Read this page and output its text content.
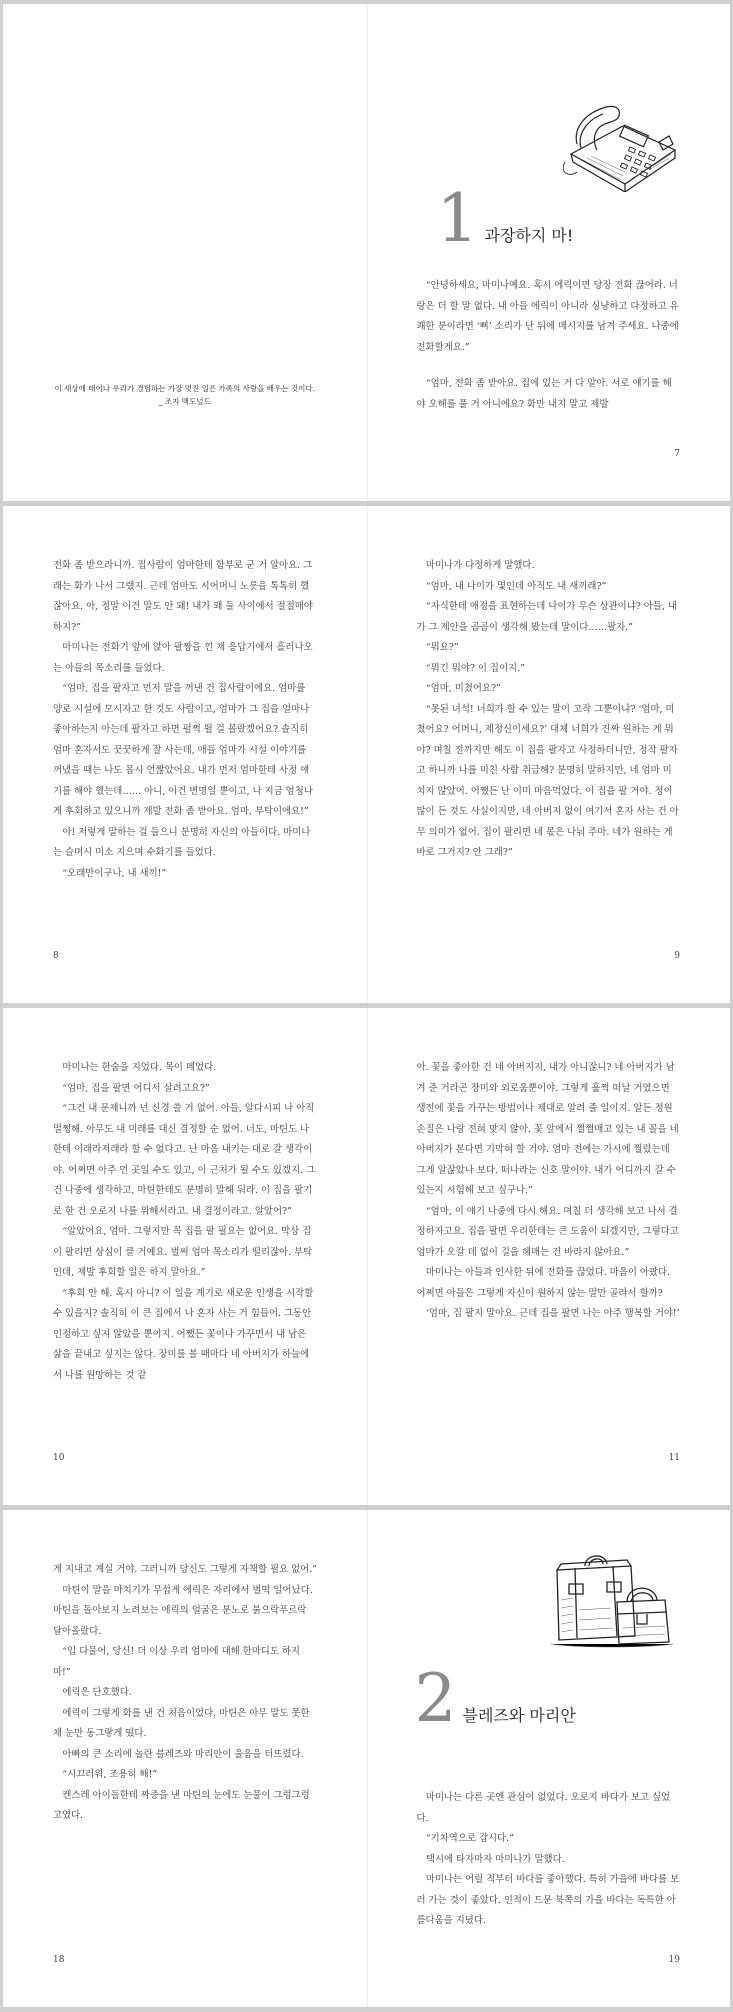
이 세상에 태어나 우리가 경험하는 가장 멋진 일은 가족의 사랑을 배우는 것이다.
_ 조지 맥도널드
1 과장하지 마!

“안녕하세요, 마미나예요. 혹시 에릭이면 당장 전화 끊어라. 너랑은 더 할 말 없다. 내 아들 에릭이 아니라 싱냥하고 다정하고 유쾌한 분이라면 ‘삐’ 소리가 난 뒤에 메시지를 남겨 주세요. 나중에 전화할게요.”

“엄마, 전화 좀 받아요. 집에 있는 거 다 알아. 서로 얘기를 해야 오해를 풀 거 아니에요? 화만 내지 말고 제발

7

전화 좀 받으라니까. 집사람이 엄마한테 함부로 군 거 알아요. 그래는 화가 나서 그랬지. 근데 엄마도 시어머니 노릇을 톡톡히 했잖아요. 아, 정말 이건 말도 안 돼! 내가 왜 둘 사이에서 절절매야 하지?”

마미나는 전화기 앞에 앉아 팔짱을 낀 채 응답기에서 흘러나오는 아들의 목소리를 들었다.

“엄마, 집을 팔자고 먼저 말을 꺼낸 건 집사람이에요. 엄마를 양로 시설에 모시자고 한 것도 사람이고, 엄마가 그 집을 얼마나 좋아하는지 아는데 팔자고 하면 펄쩍 뛸 걸 몰랐겠어요? 솔직히 엄마 혼자서도 꿋꿋하게 잘 사는데, 애들 엄마가 시설 이야기를 꺼냈을 때는 나도 몹시 언짢았어요. 내가 먼저 엄마한테 사정 얘기를 해야 했는데…… 아니, 이건 변명일 뿐이고, 나 지금 엄청나게 후회하고 있으니까 제발 전화 좀 받아요. 엄마, 부탁이에요!”

아! 저렇게 말하는 걸 들으니 분명히 자신의 아들이다. 마미나는 슬며시 미소 지으며 수화기를 들었다.

“오래만이구나, 내 새끼!”

8

마미나가 다정하게 말했다.

“엄마, 내 나이가 몇인데 아직도 내 새끼래?”

“자식한테 애정을 표현하는데 나이가 무슨 상관이냐? 아들, 내가 그 제안을 곰곰이 생각해 봤는데 말이다……팔자.”

“뭐요?”

“뭐긴 뭐야? 이 집이지.”

“엄마, 미쳤어요?”

“못된 녀석! 너희가 할 수 있는 말이 고작 그뿐이냐? ‘엄마, 미쳤어요? 어머니, 제정신이세요?’ 대체 너희가 진짜 원하는 게 뭐야? 며칠 전까지만 해도 이 집을 팔자고 사정하더니만, 정작 팔자고 하니까 나를 미친 사람 취급해? 분명히 말하지만, 네 엄마 미치지 않았어. 어쨌든 난 이미 마음먹었다. 이 집을 팔 거야. 정이 많이 든 것도 사실이지만, 네 아버지 없이 여기서 혼자 사는 건 아무 의미가 없어. 집이 팔리면 네 몫은 나눠 주마. 네가 원하는 게 바로 그거지? 안 그래?”

9

마미나는 한숨을 지었다. 목이 메었다.

“엄마, 집을 팔면 어디서 살려고요?”

“그건 내 문제니까 넌 신경 쓸 거 없어. 아들, 알다시피 나 아직 멀쩡해. 아무도 내 미래를 대신 결정할 순 없어. 너도, 마틴도 나한테 이래라저래라 할 수 없다고. 난 마음 내키는 대로 갈 생각이야. 어쩌면 아주 먼 곳일 수도 있고, 이 근처가 될 수도 있겠지. 그건 나중에 생각하고, 마틴한테도 분명히 말해 둬라. 이 집을 팔기로 한 건 오로지 나를 위해서라고. 내 결정이라고. 알았어?”

“알았어요, 엄마. 그렇지만 꼭 집을 팔 필요는 없어요. 막상 집이 팔리면 상심이 클 거예요. 벌써 엄마 목소리가 떨리잖아. 부탁인데, 제발 후회할 일은 하지 말아요.”

“후회 안 해. 혹시 아니? 이 일을 계기로 새로운 인생을 시작할 수 있을지? 솔직히 이 큰 집에서 나 혼자 사는 거 힘들어. 그동안 인정하고 싶지 않았을 뿐이지. 어쨌든 꽃이나 가꾸면서 내 남은 삶을 끝내고 싶지는 않다. 장미를 볼 때마다 네 아버지가 하늘에서 나를 원망하는 것 같

10

아. 꽃을 좋아한 건 네 아버지지, 내가 아니잖니? 네 아버지가 남겨 준 거라곤 장미와 외로움뿐이야. 그렇게 훌쩍 떠날 거였으면 생전에 꽃을 가꾸는 방법이나 제대로 알려 줄 일이지. 알든 정원 손질은 나랑 전혀 맞지 않아. 꽃 앞에서 쩔쩔매고 있는 내 꼴을 네 아버지가 본다면 기막혀 할 거야. 엄마 전에는 가시에 찔렸는데 그게 알잖았나 보다. 떠나라는 신호 말이야. 내가 어디까지 갈 수 있는지 시험해 보고 싶구나.”

“엄마, 이 얘기 나중에 다시 해요. 며칠 더 생각해 보고 나서 결정하자고요. 집을 팔면 우리한테는 큰 도움이 되겠지만, 그렇다고 엄마가 오갈 데 없이 길을 헤매는 건 바라지 않아요.”

마미나는 아들과 인사한 뒤에 전화를 끊었다. 마음이 아팠다. 어쩌면 아들은 그렇게 자신이 원하지 않는 말만 골라서 할까?

‘엄마, 집 팔지 말아요. 근데 집을 팔면 나는 아주 행복할 거야!’

11

게 지내고 계실 거야. 그러니까 당신도 그렇게 자책할 필요 없어.”

마틴이 말을 마치기가 무섭게 에릭은 자리에서 벌떡 일어났다. 마틴을 돌아보지 노려보는 에릭의 얼굴은 분노로 붉으락푸르락 달아올랐다.

“입 다물어, 당신! 더 이상 우리 엄마에 대해 한마디도 하지 마!”

에릭은 단호했다.

에릭이 그렇게 화를 낸 건 처음이었다. 마틴은 아무 말도 못한 채 눈만 동그랗게 떴다.

아빠의 큰 소리에 놀란 블레즈와 마리안이 울음을 터뜨렸다.

“시끄러워, 조용히 해!”

켄스레 아이들한테 짜증을 낸 마틴의 눈에도 눈물이 그렁그렁 고였다.

18
2 블레즈와 마리안

마미나는 다른 곳엔 관심이 없었다. 오로지 바다가 보고 싶었다.

“기차역으로 갑시다.”

택시에 타자마자 마미나가 말했다.

마미나는 어릴 적부터 바다를 좋아했다. 특히 가을에 바다를 보러 가는 것이 좋았다. 인적이 드문 북쪽의 가을 바다는 독특한 아름다움을 지녔다.

19
